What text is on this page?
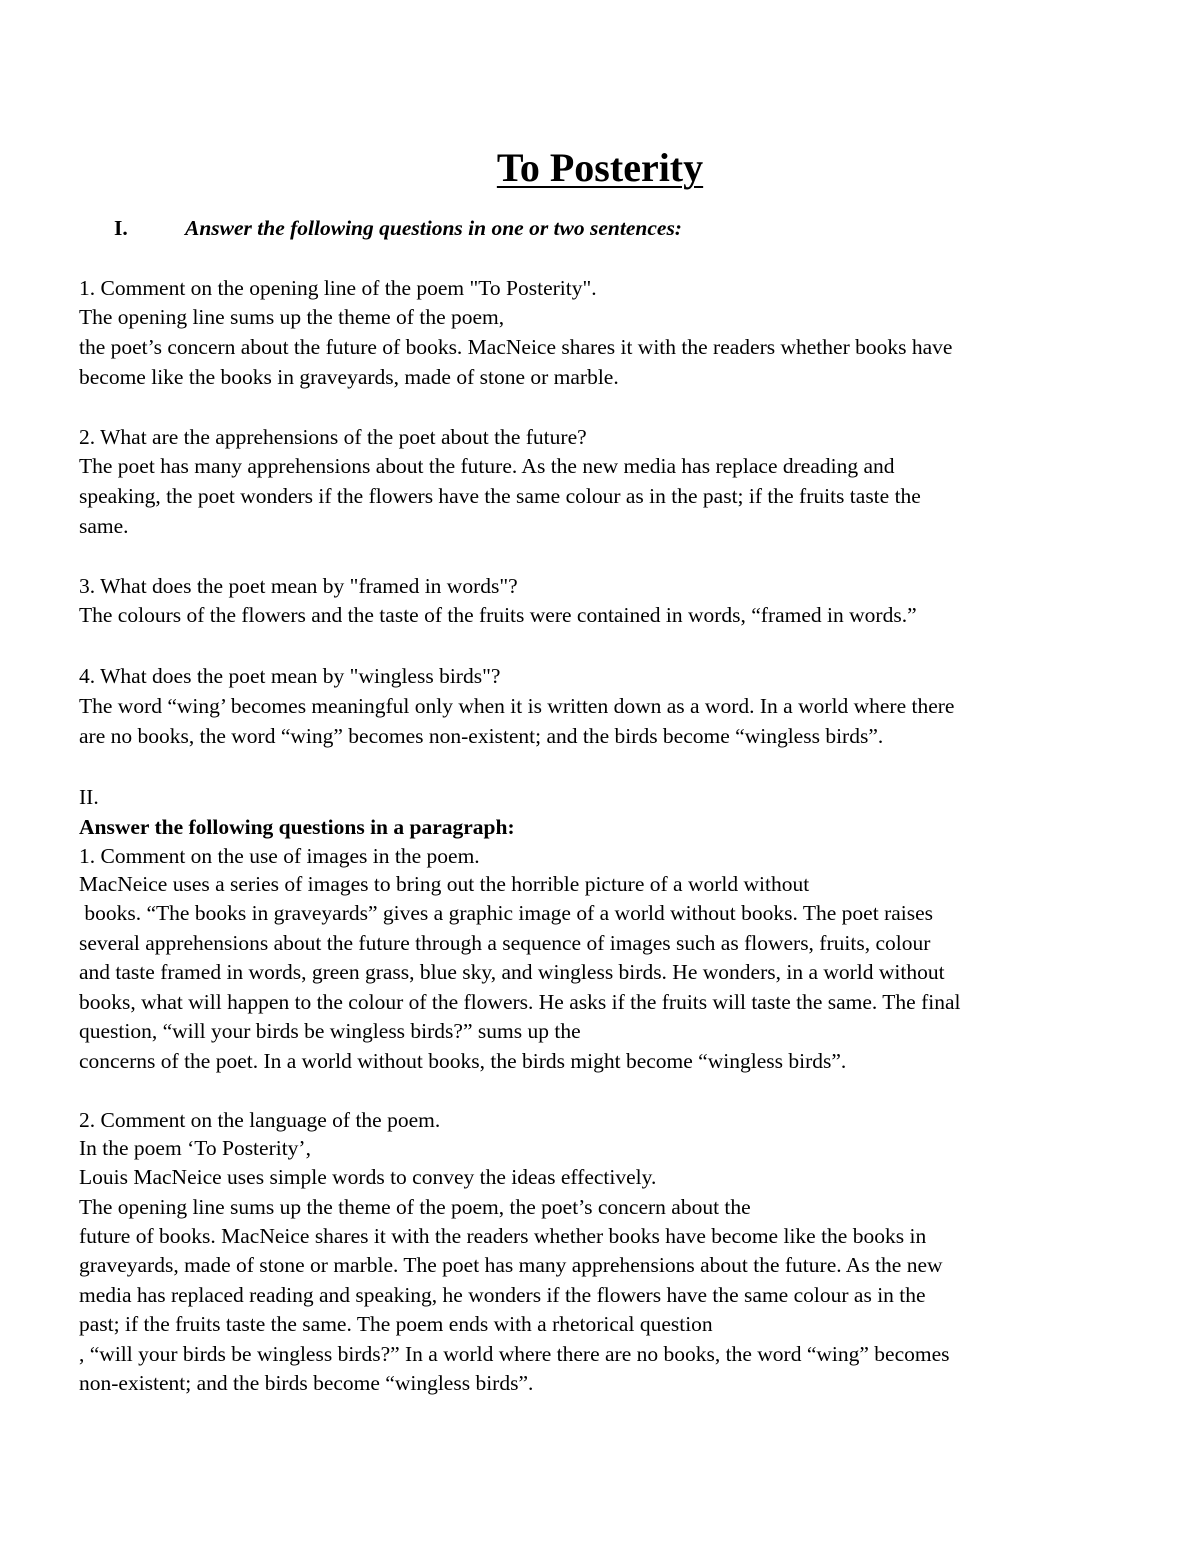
To Posterity
I.	Answer the following questions in one or two sentences:
1. Comment on the opening line of the poem "To Posterity".
The opening line sums up the theme of the poem,
the poet’s concern about the future of books. MacNeice shares it with the readers whether books have
become like the books in graveyards, made of stone or marble.
2. What are the apprehensions of the poet about the future?
The poet has many apprehensions about the future. As the new media has replace dreading and
speaking, the poet wonders if the flowers have the same colour as in the past; if the fruits taste the
same.
3. What does the poet mean by "framed in words"?
The colours of the flowers and the taste of the fruits were contained in words, “framed in words.”
4. What does the poet mean by "wingless birds"?
The word “wing’ becomes meaningful only when it is written down as a word. In a world where there
are no books, the word “wing” becomes non-existent; and the birds become “wingless birds”.
II.
Answer the following questions in a paragraph:
1. Comment on the use of images in the poem.
MacNeice uses a series of images to bring out the horrible picture of a world without
books. “The books in graveyards” gives a graphic image of a world without books. The poet raises
several apprehensions about the future through a sequence of images such as flowers, fruits, colour
and taste framed in words, green grass, blue sky, and wingless birds. He wonders, in a world without
books, what will happen to the colour of the flowers. He asks if the fruits will taste the same. The final
question, “will your birds be wingless birds?” sums up the
concerns of the poet. In a world without books, the birds might become “wingless birds”.
2. Comment on the language of the poem.
In the poem ‘To Posterity’,
Louis MacNeice uses simple words to convey the ideas effectively.
The opening line sums up the theme of the poem, the poet’s concern about the
future of books. MacNeice shares it with the readers whether books have become like the books in
graveyards, made of stone or marble. The poet has many apprehensions about the future. As the new
media has replaced reading and speaking, he wonders if the flowers have the same colour as in the
past; if the fruits taste the same. The poem ends with a rhetorical question
, “will your birds be wingless birds?” In a world where there are no books, the word “wing” becomes
non-existent; and the birds become “wingless birds”.
